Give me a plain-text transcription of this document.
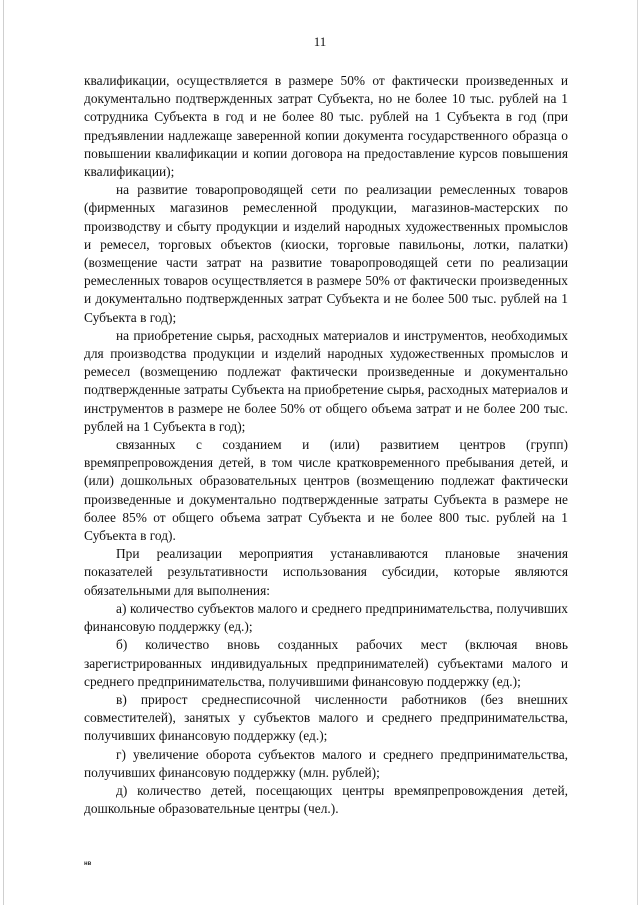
11

квалификации, осуществляется в размере 50% от фактически произведенных и документально подтвержденных затрат Субъекта, но не более 10 тыс. рублей на 1 сотрудника Субъекта в год и не более 80 тыс. рублей на 1 Субъекта в год (при предъявлении надлежаще заверенной копии документа государственного образца о повышении квалификации и копии договора на предоставление курсов повышения квалификации);

на развитие товаропроводящей сети по реализации ремесленных товаров (фирменных магазинов ремесленной продукции, магазинов-мастерских по производству и сбыту продукции и изделий народных художественных промыслов и ремесел, торговых объектов (киоски, торговые павильоны, лотки, палатки) (возмещение части затрат на развитие товаропроводящей сети по реализации ремесленных товаров осуществляется в размере 50% от фактически произведенных и документально подтвержденных затрат Субъекта и не более 500 тыс. рублей на 1 Субъекта в год);

на приобретение сырья, расходных материалов и инструментов, необходимых для производства продукции и изделий народных художественных промыслов и ремесел (возмещению подлежат фактически произведенные и документально подтвержденные затраты Субъекта на приобретение сырья, расходных материалов и инструментов в размере не более 50% от общего объема затрат и не более 200 тыс. рублей на 1 Субъекта в год);

связанных с созданием и (или) развитием центров (групп) времяпрепровождения детей, в том числе кратковременного пребывания детей, и (или) дошкольных образовательных центров (возмещению подлежат фактически произведенные и документально подтвержденные затраты Субъекта в размере не более 85% от общего объема затрат Субъекта и не более 800 тыс. рублей на 1 Субъекта в год).

При реализации мероприятия устанавливаются плановые значения показателей результативности использования субсидии, которые являются обязательными для выполнения:

а) количество субъектов малого и среднего предпринимательства, получивших финансовую поддержку (ед.);

б) количество вновь созданных рабочих мест (включая вновь зарегистрированных индивидуальных предпринимателей) субъектами малого и среднего предпринимательства, получившими финансовую поддержку (ед.);

в) прирост среднесписочной численности работников (без внешних совместителей), занятых у субъектов малого и среднего предпринимательства, получивших финансовую поддержку (ед.);

г) увеличение оборота субъектов малого и среднего предпринимательства, получивших финансовую поддержку (млн. рублей);

д) количество детей, посещающих центры времяпрепровождения детей, дошкольные образовательные центры (чел.).

нв
